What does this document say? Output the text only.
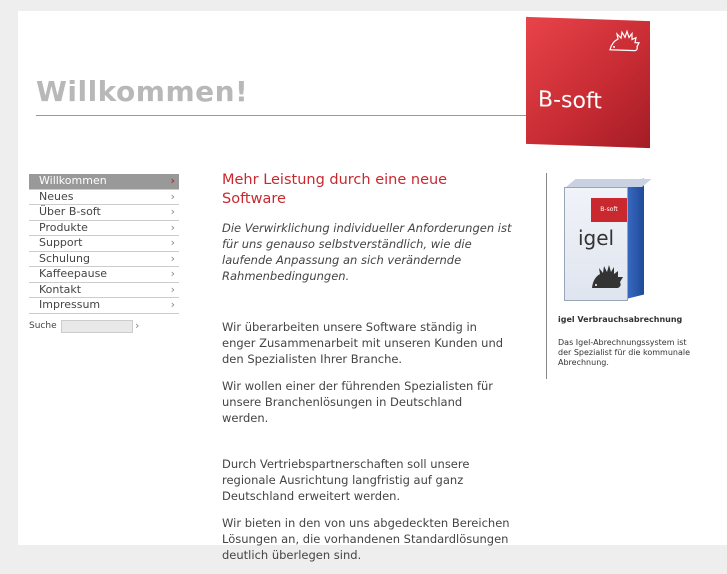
Willkommen!	B-soft
Willkommen	›
Neues	›
Über B-soft	›
Produkte	›
Support	›
Schulung	›
Kaffeepause	›
Kontakt	›
Impressum	›
Suche	›
Mehr Leistung durch eine neue Software

Die Verwirklichung individueller Anforderungen ist für uns genauso selbstverständlich, wie die laufende Anpassung an sich verändernde Rahmenbedingungen.

Wir überarbeiten unsere Software ständig in enger Zusammenarbeit mit unseren Kunden und den Spezialisten Ihrer Branche.

Wir wollen einer der führenden Spezialisten für unsere Branchenlösungen in Deutschland werden.

Durch Vertriebspartnerschaften soll unsere regionale Ausrichtung langfristig auf ganz Deutschland erweitert werden.

Wir bieten in den von uns abgedeckten Bereichen Lösungen an, die vorhandenen Standardlösungen deutlich überlegen sind.

B-soft
igel
igel Verbrauchsabrechnung

Das Igel-Abrechnungssystem ist der Spezialist für die kommunale Abrechnung.
